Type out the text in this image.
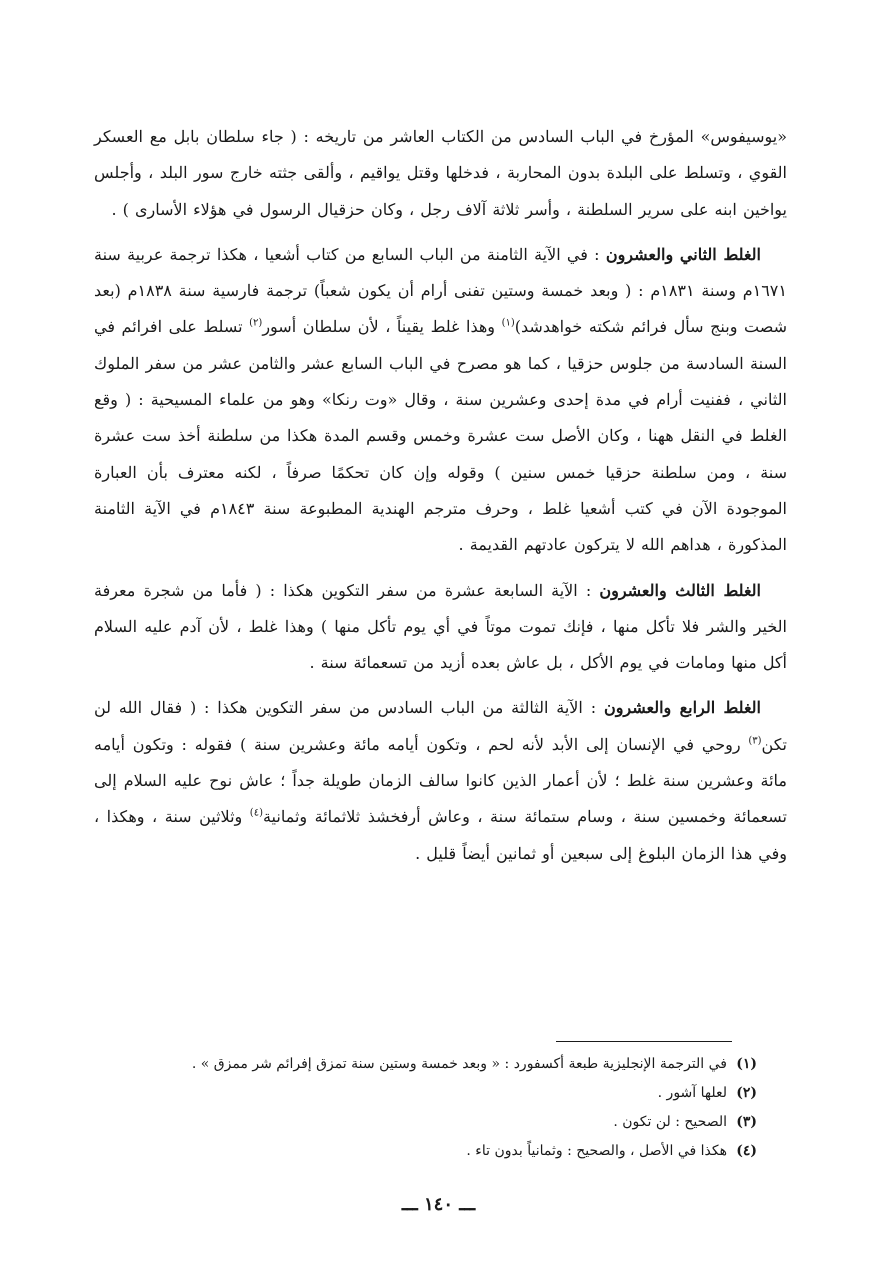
«يوسيفوس» المؤرخ في الباب السادس من الكتاب العاشر من تاريخه : ( جاء سلطان بابل مع العسكر القوي ، وتسلط على البلدة بدون المحاربة ، فدخلها وقتل يواقيم ، وألقى جثته خارج سور البلد ، وأجلس يواخين ابنه على سرير السلطنة ، وأسر ثلاثة آلاف رجل ، وكان حزقيال الرسول في هؤلاء الأسارى ) .

الغلط الثاني والعشرون : في الآية الثامنة من الباب السابع من كتاب أشعيا ، هكذا ترجمة عربية سنة ١٦٧١م وسنة ١٨٣١م : ( وبعد خمسة وستين تفنى أرام أن يكون شعباً) ترجمة فارسية سنة ١٨٣٨م (بعد شصت وبنج سأل فرائم شكته خواهدشد)$^{(١)}$ وهذا غلط يقيناً ، لأن سلطان أسور$^{(٢)}$ تسلط على افرائم في السنة السادسة من جلوس حزقيا ، كما هو مصرح في الباب السابع عشر والثامن عشر من سفر الملوك الثاني ، ففنيت أرام في مدة إحدى وعشرين سنة ، وقال «وت رنكا» وهو من علماء المسيحية : ( وقع الغلط في النقل ههنا ، وكان الأصل ست عشرة وخمس وقسم المدة هكذا من سلطنة أخذ ست عشرة سنة ، ومن سلطنة حزقيا خمس سنين ) وقوله وإن كان تحكمًا صرفاً ، لكنه معترف بأن العبارة الموجودة الآن في كتب أشعيا غلط ، وحرف مترجم الهندية المطبوعة سنة ١٨٤٣م في الآية الثامنة المذكورة ، هداهم الله لا يتركون عادتهم القديمة .

الغلط الثالث والعشرون : الآية السابعة عشرة من سفر التكوين هكذا : ( فأما من شجرة معرفة الخير والشر فلا تأكل منها ، فإنك تموت موتاً في أي يوم تأكل منها ) وهذا غلط ، لأن آدم عليه السلام أكل منها ومامات في يوم الأكل ، بل عاش بعده أزيد من تسعمائة سنة .

الغلط الرابع والعشرون : الآية الثالثة من الباب السادس من سفر التكوين هكذا : ( فقال الله لن تكن$^{(٣)}$ روحي في الإنسان إلى الأبد لأنه لحم ، وتكون أيامه مائة وعشرين سنة ) فقوله : وتكون أيامه مائة وعشرين سنة غلط ؛ لأن أعمار الذين كانوا سالف الزمان طويلة جداً ؛ عاش نوح عليه السلام إلى تسعمائة وخمسين سنة ، وسام ستمائة سنة ، وعاش أرفخشذ ثلاثمائة وثمانية$^{(٤)}$ وثلاثين سنة ، وهكذا ، وفي هذا الزمان البلوغ إلى سبعين أو ثمانين أيضاً قليل .

(١)
في الترجمة الإنجليزية طبعة أكسفورد : « وبعد خمسة وستين سنة تمزق إفرائم شر ممزق » .
(٢)
لعلها آشور .
(٣)
الصحيح : لن تكون .
(٤)
هكذا في الأصل ، والصحيح : وثمانياً بدون تاء .
ـــ ١٤٠ ـــ
